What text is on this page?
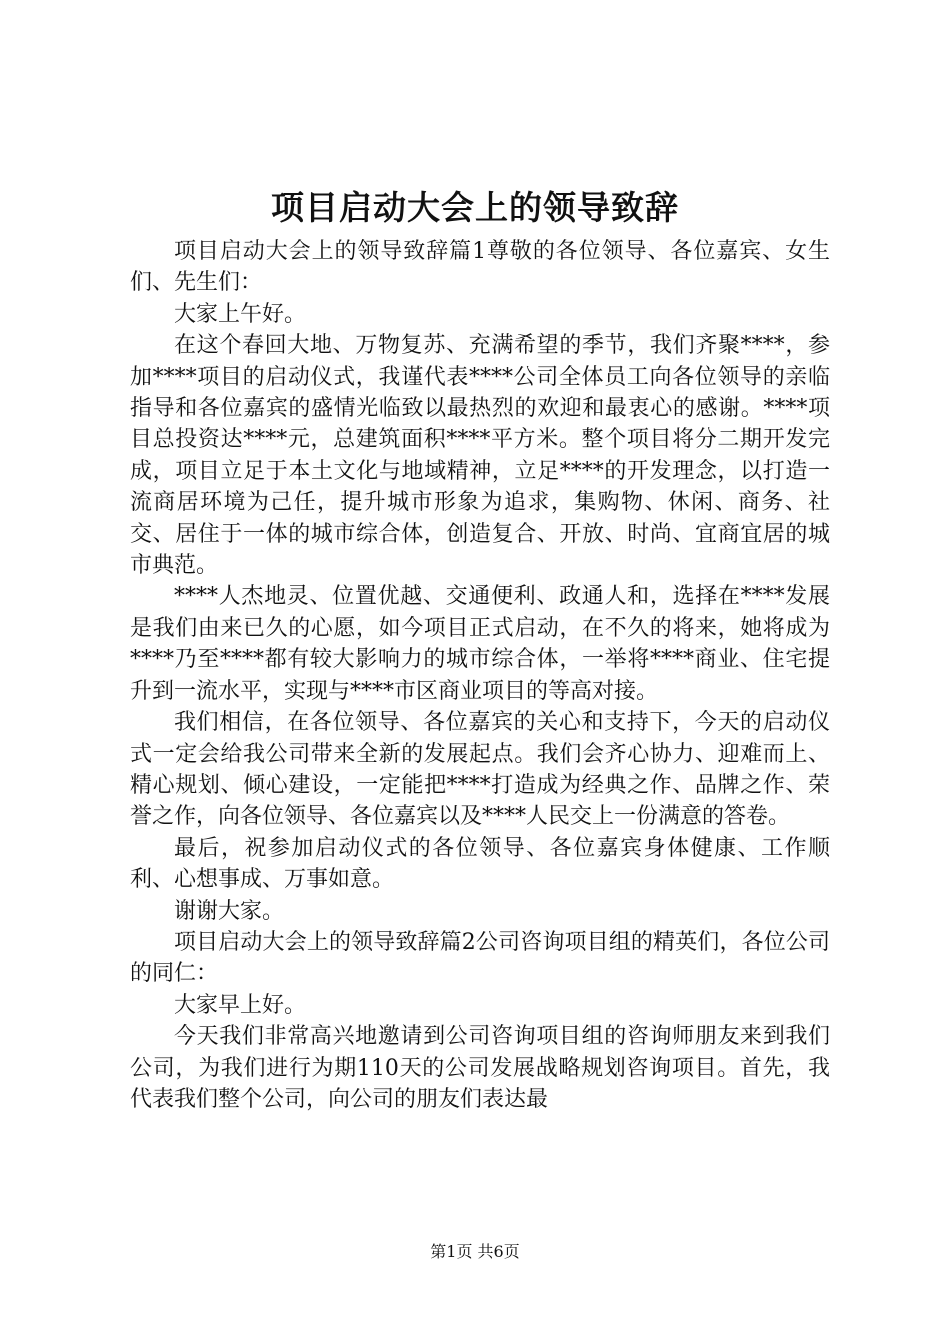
项目启动大会上的领导致辞

项目启动大会上的领导致辞篇1尊敬的各位领导、各位嘉宾、女生们、先生们：

大家上午好。

在这个春回大地、万物复苏、充满希望的季节，我们齐聚****，参加****项目的启动仪式，我谨代表****公司全体员工向各位领导的亲临指导和各位嘉宾的盛情光临致以最热烈的欢迎和最衷心的感谢。****项目总投资达****元，总建筑面积****平方米。整个项目将分二期开发完成，项目立足于本土文化与地域精神，立足****的开发理念，以打造一流商居环境为己任，提升城市形象为追求，集购物、休闲、商务、社交、居住于一体的城市综合体，创造复合、开放、时尚、宜商宜居的城市典范。

****人杰地灵、位置优越、交通便利、政通人和，选择在****发展是我们由来已久的心愿，如今项目正式启动，在不久的将来，她将成为****乃至****都有较大影响力的城市综合体，一举将****商业、住宅提升到一流水平，实现与****市区商业项目的等高对接。

我们相信，在各位领导、各位嘉宾的关心和支持下，今天的启动仪式一定会给我公司带来全新的发展起点。我们会齐心协力、迎难而上、精心规划、倾心建设，一定能把****打造成为经典之作、品牌之作、荣誉之作，向各位领导、各位嘉宾以及****人民交上一份满意的答卷。

最后，祝参加启动仪式的各位领导、各位嘉宾身体健康、工作顺利、心想事成、万事如意。

谢谢大家。

项目启动大会上的领导致辞篇2公司咨询项目组的精英们，各位公司的同仁：

大家早上好。

今天我们非常高兴地邀请到公司咨询项目组的咨询师朋友来到我们公司，为我们进行为期110天的公司发展战略规划咨询项目。首先，我代表我们整个公司，向公司的朋友们表达最

第1页 共6页
